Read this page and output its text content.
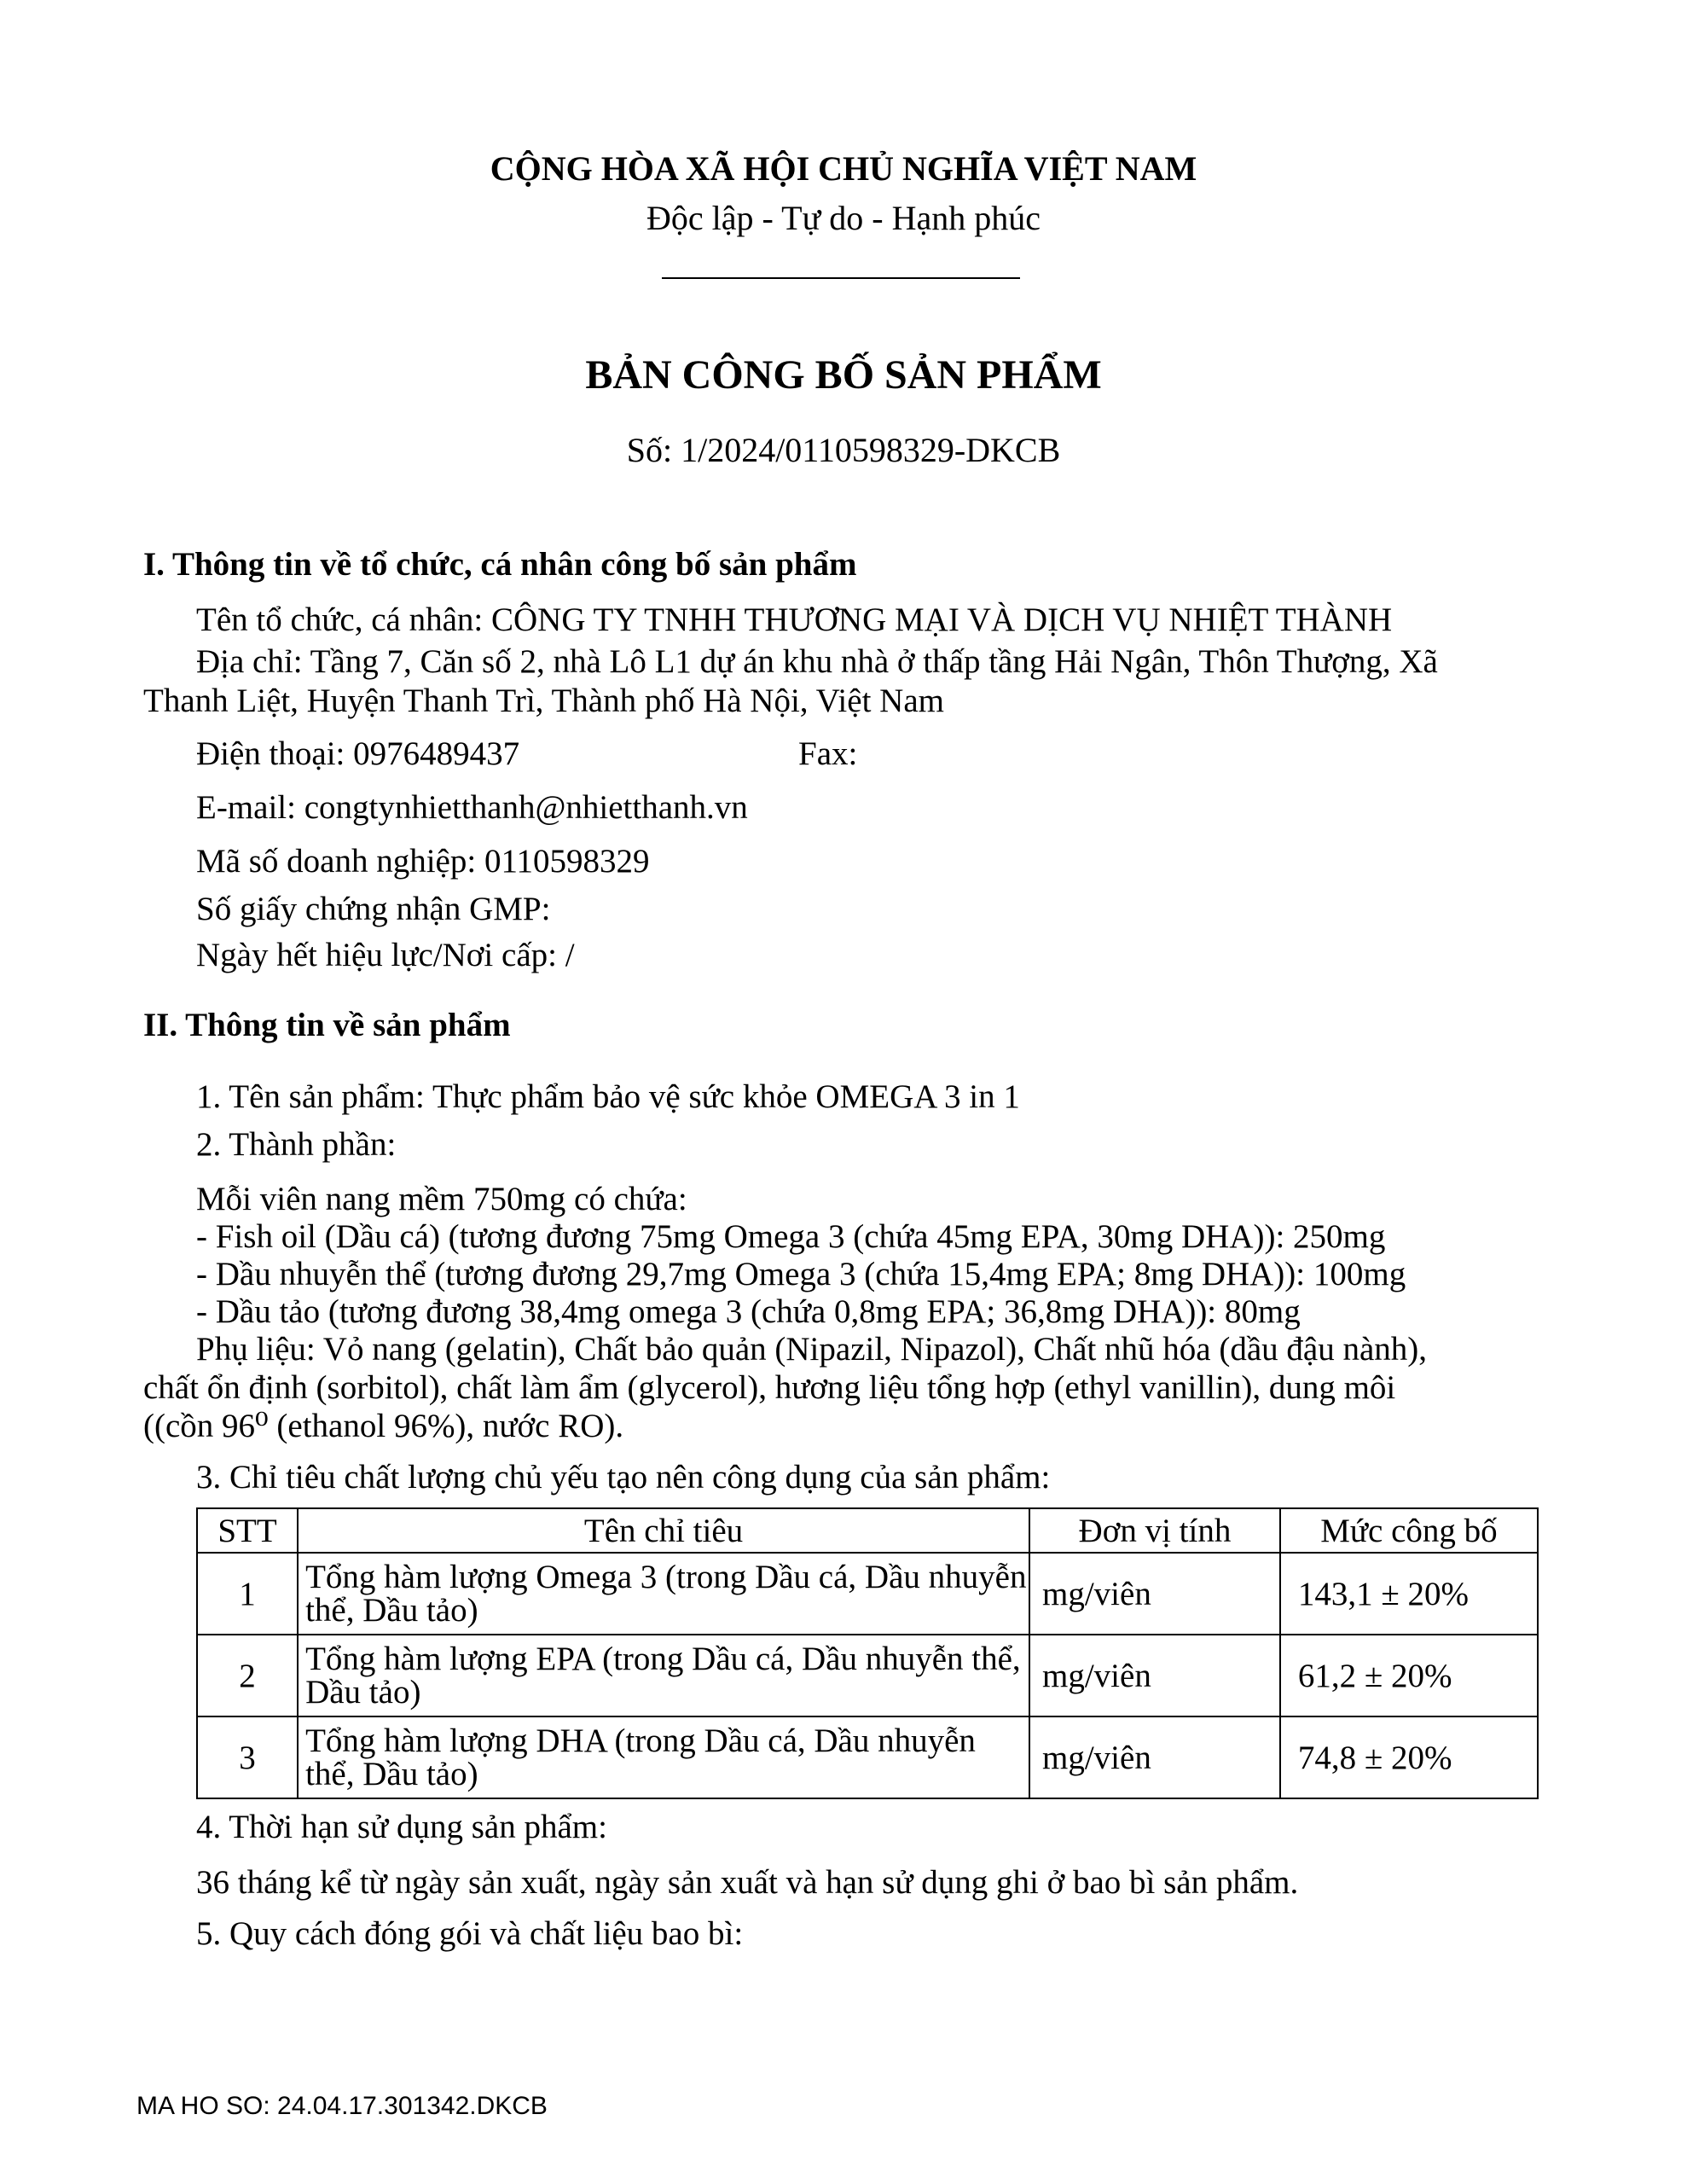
CỘNG HÒA XÃ HỘI CHỦ NGHĨA VIỆT NAM
Độc lập - Tự do - Hạnh phúc
BẢN CÔNG BỐ SẢN PHẨM
Số: 1/2024/0110598329-DKCB
I. Thông tin về tổ chức, cá nhân công bố sản phẩm
Tên tổ chức, cá nhân: CÔNG TY TNHH THƯƠNG MẠI VÀ DỊCH VỤ NHIỆT THÀNH
Địa chỉ: Tầng 7, Căn số 2, nhà Lô L1 dự án khu nhà ở thấp tầng Hải Ngân, Thôn Thượng, Xã
Thanh Liệt, Huyện Thanh Trì, Thành phố Hà Nội, Việt Nam
Điện thoại: 0976489437	Fax:
E-mail: congtynhietthanh@nhietthanh.vn
Mã số doanh nghiệp: 0110598329
Số giấy chứng nhận GMP:
Ngày hết hiệu lực/Nơi cấp: /
II. Thông tin về sản phẩm
1. Tên sản phẩm: Thực phẩm bảo vệ sức khỏe OMEGA 3 in 1
2. Thành phần:
Mỗi viên nang mềm 750mg có chứa:
- Fish oil (Dầu cá) (tương đương 75mg Omega 3 (chứa 45mg EPA, 30mg DHA)): 250mg
- Dầu nhuyễn thể (tương đương 29,7mg Omega 3 (chứa 15,4mg EPA; 8mg DHA)): 100mg
- Dầu tảo (tương đương 38,4mg omega 3 (chứa 0,8mg EPA; 36,8mg DHA)): 80mg
Phụ liệu: Vỏ nang (gelatin), Chất bảo quản (Nipazil, Nipazol), Chất nhũ hóa (dầu đậu nành),
chất ổn định (sorbitol), chất làm ẩm (glycerol), hương liệu tổng hợp (ethyl vanillin), dung môi
((cồn 96⁰ (ethanol 96%), nước RO).
3. Chỉ tiêu chất lượng chủ yếu tạo nên công dụng của sản phẩm:
STT	Tên chỉ tiêu	Đơn vị tính	Mức công bố
1	Tổng hàm lượng Omega 3 (trong Dầu cá, Dầu nhuyễn thể, Dầu tảo)	mg/viên	143,1 ± 20%
2	Tổng hàm lượng EPA (trong Dầu cá, Dầu nhuyễn thể, Dầu tảo)	mg/viên	61,2 ± 20%
3	Tổng hàm lượng DHA (trong Dầu cá, Dầu nhuyễn thể, Dầu tảo)	mg/viên	74,8 ± 20%
4. Thời hạn sử dụng sản phẩm:
36 tháng kể từ ngày sản xuất, ngày sản xuất và hạn sử dụng ghi ở bao bì sản phẩm.
5. Quy cách đóng gói và chất liệu bao bì:
MA HO SO: 24.04.17.301342.DKCB
